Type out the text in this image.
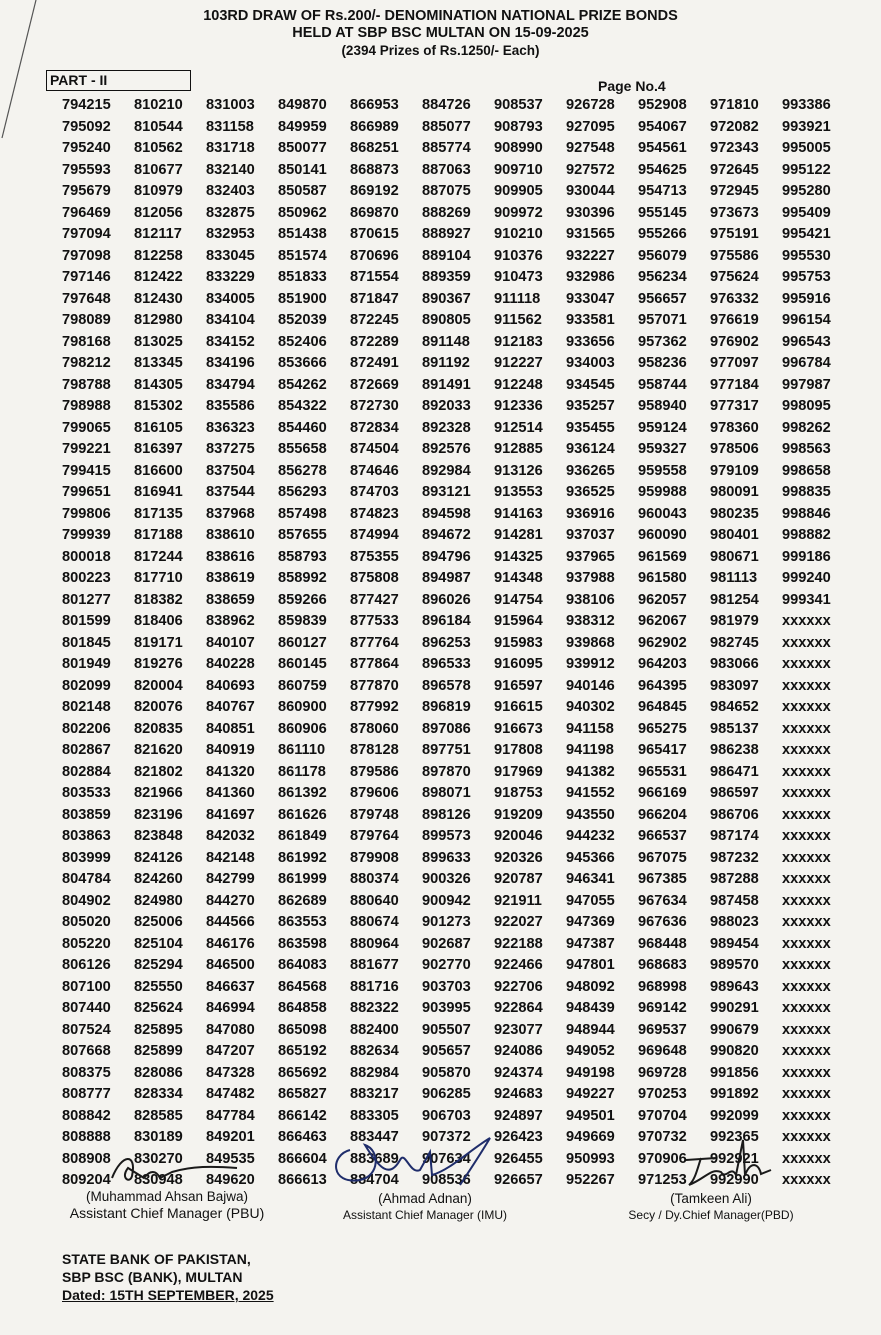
103RD DRAW OF Rs.200/- DENOMINATION NATIONAL PRIZE BONDS
HELD AT SBP BSC MULTAN ON 15-09-2025
(2394 Prizes of Rs.1250/- Each)
PART - II	Page No.4
794215 810210 831003 849870 866953 884726 908537 926728 952908 971810 993386
795092 810544 831158 849959 866989 885077 908793 927095 954067 972082 993921
795240 810562 831718 850077 868251 885774 908990 927548 954561 972343 995005
795593 810677 832140 850141 868873 887063 909710 927572 954625 972645 995122
795679 810979 832403 850587 869192 887075 909905 930044 954713 972945 995280
796469 812056 832875 850962 869870 888269 909972 930396 955145 973673 995409
797094 812117 832953 851438 870615 888927 910210 931565 955266 975191 995421
797098 812258 833045 851574 870696 889104 910376 932227 956079 975586 995530
797146 812422 833229 851833 871554 889359 910473 932986 956234 975624 995753
797648 812430 834005 851900 871847 890367 911118 933047 956657 976332 995916
798089 812980 834104 852039 872245 890805 911562 933581 957071 976619 996154
798168 813025 834152 852406 872289 891148 912183 933656 957362 976902 996543
798212 813345 834196 853666 872491 891192 912227 934003 958236 977097 996784
798788 814305 834794 854262 872669 891491 912248 934545 958744 977184 997987
798988 815302 835586 854322 872730 892033 912336 935257 958940 977317 998095
799065 816105 836323 854460 872834 892328 912514 935455 959124 978360 998262
799221 816397 837275 855658 874504 892576 912885 936124 959327 978506 998563
799415 816600 837504 856278 874646 892984 913126 936265 959558 979109 998658
799651 816941 837544 856293 874703 893121 913553 936525 959988 980091 998835
799806 817135 837968 857498 874823 894598 914163 936916 960043 980235 998846
799939 817188 838610 857655 874994 894672 914281 937037 960090 980401 998882
800018 817244 838616 858793 875355 894796 914325 937965 961569 980671 999186
800223 817710 838619 858992 875808 894987 914348 937988 961580 981113 999240
801277 818382 838659 859266 877427 896026 914754 938106 962057 981254 999341
801599 818406 838962 859839 877533 896184 915964 938312 962067 981979 xxxxxx
801845 819171 840107 860127 877764 896253 915983 939868 962902 982745 xxxxxx
801949 819276 840228 860145 877864 896533 916095 939912 964203 983066 xxxxxx
802099 820004 840693 860759 877870 896578 916597 940146 964395 983097 xxxxxx
802148 820076 840767 860900 877992 896819 916615 940302 964845 984652 xxxxxx
802206 820835 840851 860906 878060 897086 916673 941158 965275 985137 xxxxxx
802867 821620 840919 861110 878128 897751 917808 941198 965417 986238 xxxxxx
802884 821802 841320 861178 879586 897870 917969 941382 965531 986471 xxxxxx
803533 821966 841360 861392 879606 898071 918753 941552 966169 986597 xxxxxx
803859 823196 841697 861626 879748 898126 919209 943550 966204 986706 xxxxxx
803863 823848 842032 861849 879764 899573 920046 944232 966537 987174 xxxxxx
803999 824126 842148 861992 879908 899633 920326 945366 967075 987232 xxxxxx
804784 824260 842799 861999 880374 900326 920787 946341 967385 987288 xxxxxx
804902 824980 844270 862689 880640 900942 921911 947055 967634 987458 xxxxxx
805020 825006 844566 863553 880674 901273 922027 947369 967636 988023 xxxxxx
805220 825104 846176 863598 880964 902687 922188 947387 968448 989454 xxxxxx
806126 825294 846500 864083 881677 902770 922466 947801 968683 989570 xxxxxx
807100 825550 846637 864568 881716 903703 922706 948092 968998 989643 xxxxxx
807440 825624 846994 864858 882322 903995 922864 948439 969142 990291 xxxxxx
807524 825895 847080 865098 882400 905507 923077 948944 969537 990679 xxxxxx
807668 825899 847207 865192 882634 905657 924086 949052 969648 990820 xxxxxx
808375 828086 847328 865692 882984 905870 924374 949198 969728 991856 xxxxxx
808777 828334 847482 865827 883217 906285 924683 949227 970253 991892 xxxxxx
808842 828585 847784 866142 883305 906703 924897 949501 970704 992099 xxxxxx
808888 830189 849201 866463 883447 907372 926423 949669 970732 992365 xxxxxx
808908 830270 849535 866604 883689 907634 926455 950993 970906 992921 xxxxxx
809204 830948 849620 866613 884704 908536 926657 952267 971253 992990 xxxxxx
(Muhammad Ahsan Bajwa)
Assistant Chief Manager (PBU)
(Ahmad Adnan)
Assistant Chief Manager (IMU)
(Tamkeen Ali)
Secy / Dy.Chief Manager(PBD)
STATE BANK OF PAKISTAN,
SBP BSC (BANK), MULTAN
Dated: 15TH SEPTEMBER, 2025
